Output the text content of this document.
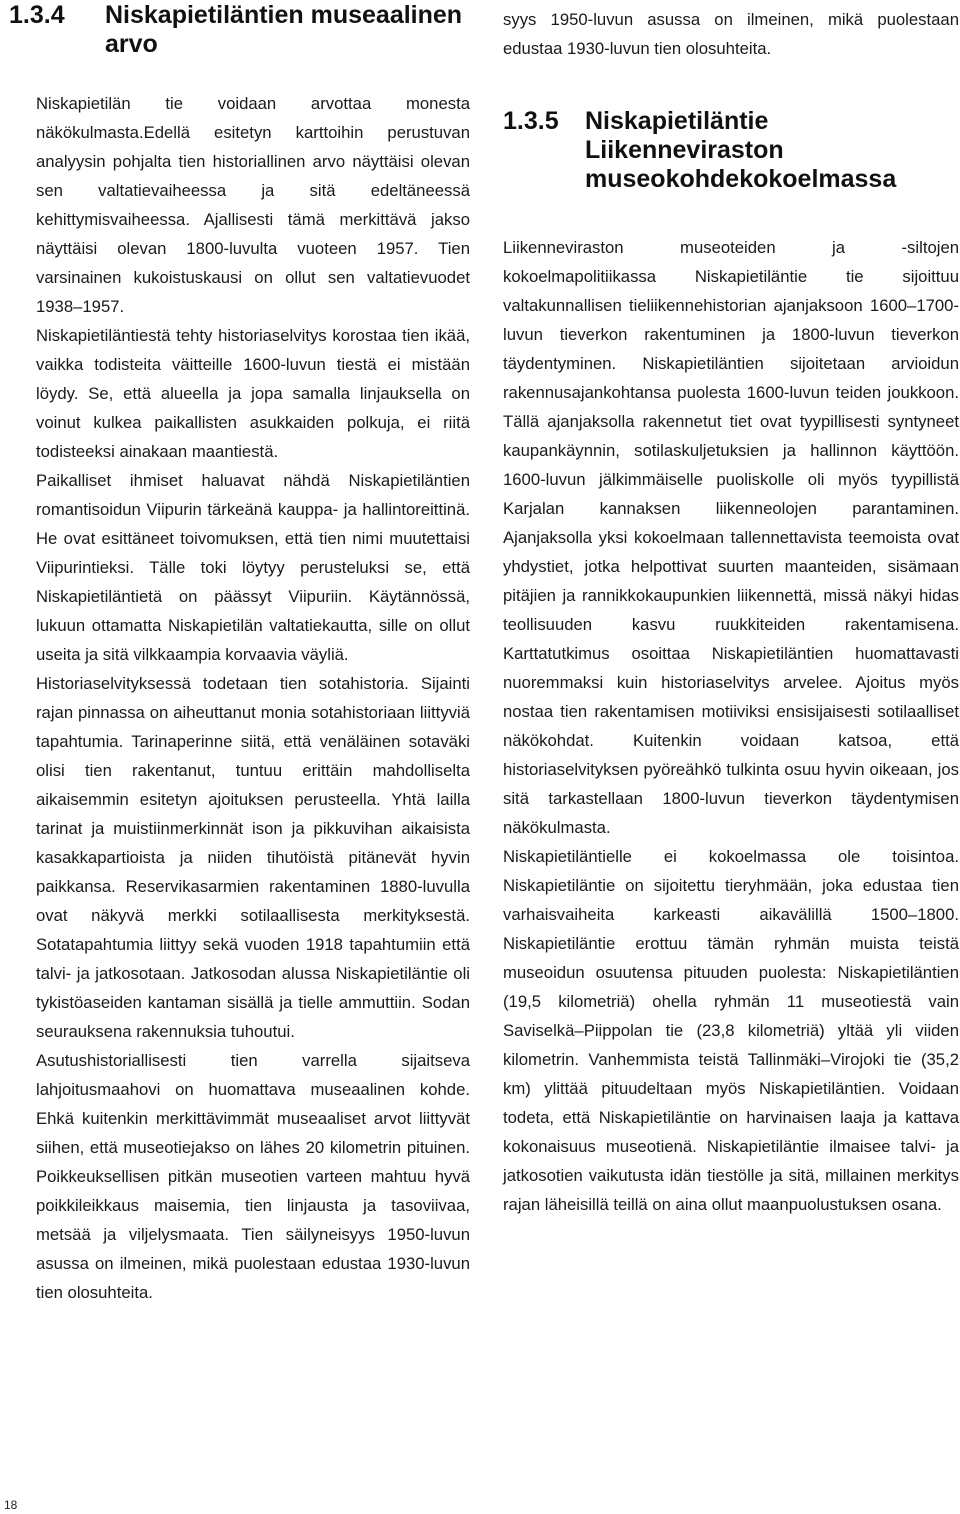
1.3.4	Niskapietiläntien museaalinen arvo

Niskapietilän tie voidaan arvottaa monesta näkökulmasta.Edellä esitetyn karttoihin perustuvan analyysin pohjalta tien historiallinen arvo näyttäisi olevan sen valtatievaiheessa ja sitä edeltäneessä kehittymisvaiheessa. Ajallisesti tämä merkittävä jakso näyttäisi olevan 1800-luvulta vuoteen 1957. Tien varsinainen kukoistuskausi on ollut sen valtatievuodet 1938–1957.

Niskapietiläntiestä tehty historiaselvitys korostaa tien ikää, vaikka todisteita väitteille 1600-luvun tiestä ei mistään löydy. Se, että alueella ja jopa samalla linjauksella on voinut kulkea paikallisten asukkaiden polkuja, ei riitä todisteeksi ainakaan maantiestä.

Paikalliset ihmiset haluavat nähdä Niskapietiläntien romantisoidun Viipurin tärkeänä kauppa- ja hallintoreittinä. He ovat esittäneet toivomuksen, että tien nimi muutettaisi Viipurintieksi. Tälle toki löytyy perusteluksi se, että Niskapietiläntietä on päässyt Viipuriin. Käytännössä, lukuun ottamatta Niskapietilän valtatiekautta, sille on ollut useita ja sitä vilkkaampia korvaavia väyliä.

Historiaselvityksessä todetaan tien sotahistoria. Sijainti rajan pinnassa on aiheuttanut monia sotahistoriaan liittyviä tapahtumia. Tarinaperinne siitä, että venäläinen sotaväki olisi tien rakentanut, tuntuu erittäin mahdolliselta aikaisemmin esitetyn ajoituksen perusteella. Yhtä lailla tarinat ja muistiinmerkinnät ison ja pikkuvihan aikaisista kasakkapartioista ja niiden tihutöistä pitänevät hyvin paikkansa. Reservikasarmien rakentaminen 1880-luvulla ovat näkyvä merkki sotilaallisesta merkityksestä. Sotatapahtumia liittyy sekä vuoden 1918 tapahtumiin että talvi- ja jatkosotaan. Jatkosodan alussa Niskapietiläntie oli tykistöaseiden kantaman sisällä ja tielle ammuttiin. Sodan seurauksena rakennuksia tuhoutui.

Asutushistoriallisesti tien varrella sijaitseva lahjoitusmaahovi on huomattava museaalinen kohde. Ehkä kuitenkin merkittävimmät museaaliset arvot liittyvät siihen, että museotiejakso on lähes 20 kilometrin pituinen. Poikkeuksellisen pitkän museotien varteen mahtuu hyvä poikkileikkaus maisemia, tien linjausta ja tasoviivaa, metsää ja viljelysmaata. Tien säilyneisyys 1950-luvun asussa on ilmeinen, mikä puolestaan edustaa 1930-luvun tien olosuhteita.

syys 1950-luvun asussa on ilmeinen, mikä puolestaan edustaa 1930-luvun tien olosuhteita.

1.3.5	Niskapietiläntie Liikenneviraston museokohdekokoelmassa

Liikenneviraston museoteiden ja -siltojen kokoelmapolitiikassa Niskapietiläntie tie sijoittuu valtakunnallisen tieliikennehistorian ajanjaksoon 1600–1700-luvun tieverkon rakentuminen ja 1800-luvun tieverkon täydentyminen. Niskapietiläntien sijoitetaan arvioidun rakennusajankohtansa puolesta 1600-luvun teiden joukkoon. Tällä ajanjaksolla rakennetut tiet ovat tyypillisesti syntyneet kaupankäynnin, sotilaskuljetuksien ja hallinnon käyttöön. 1600-luvun jälkimmäiselle puoliskolle oli myös tyypillistä Karjalan kannaksen liikenneolojen parantaminen. Ajanjaksolla yksi kokoelmaan tallennettavista teemoista ovat yhdystiet, jotka helpottivat suurten maanteiden, sisämaan pitäjien ja rannikkokaupunkien liikennettä, missä näkyi hidas teollisuuden kasvu ruukkiteiden rakentamisena. Karttatutkimus osoittaa Niskapietiläntien huomattavasti nuoremmaksi kuin historiaselvitys arvelee. Ajoitus myös nostaa tien rakentamisen motiiviksi ensisijaisesti sotilaalliset näkökohdat. Kuitenkin voidaan katsoa, että historiaselvityksen pyöreähkö tulkinta osuu hyvin oikeaan, jos sitä tarkastellaan 1800-luvun tieverkon täydentymisen näkökulmasta.

Niskapietiläntielle ei kokoelmassa ole toisintoa. Niskapietiläntie on sijoitettu tieryhmään, joka edustaa tien varhaisvaiheita karkeasti aikavälillä 1500–1800. Niskapietiläntie erottuu tämän ryhmän muista teistä museoidun osuutensa pituuden puolesta: Niskapietiläntien (19,5 kilometriä) ohella ryhmän 11 museotiestä vain Saviselkä–Piippolan tie (23,8 kilometriä) yltää yli viiden kilometrin. Vanhemmista teistä Tallinmäki–Virojoki tie (35,2 km) ylittää pituudeltaan myös Niskapietiläntien. Voidaan todeta, että Niskapietiläntie on harvinaisen laaja ja kattava kokonaisuus museotienä. Niskapietiläntie ilmaisee talvi- ja jatkosotien vaikutusta idän tiestölle ja sitä, millainen merkitys rajan läheisillä teillä on aina ollut maanpuolustuksen osana.

18
